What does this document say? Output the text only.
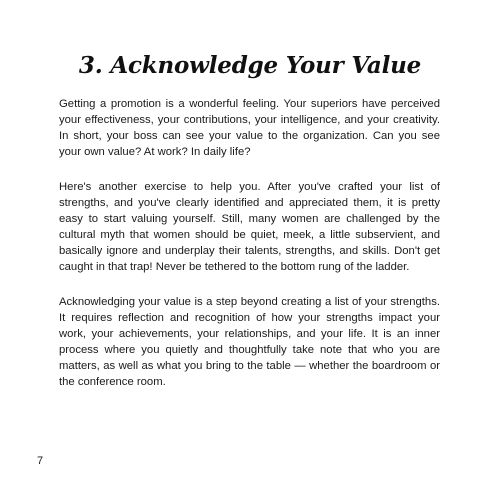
3. Acknowledge Your Value

Getting a promotion is a wonderful feeling. Your superiors have perceived your effectiveness, your contributions, your intelligence, and your creativity. In short, your boss can see your value to the organization. Can you see your own value? At work? In daily life?

Here's another exercise to help you. After you've crafted your list of strengths, and you've clearly identified and appreciated them, it is pretty easy to start valuing yourself. Still, many women are challenged by the cultural myth that women should be quiet, meek, a little subservient, and basically ignore and underplay their talents, strengths, and skills. Don't get caught in that trap! Never be tethered to the bottom rung of the ladder.

Acknowledging your value is a step beyond creating a list of your strengths. It requires reflection and recognition of how your strengths impact your work, your achievements, your relationships, and your life. It is an inner process where you quietly and thoughtfully take note that who you are matters, as well as what you bring to the table — whether the boardroom or the conference room.

7
